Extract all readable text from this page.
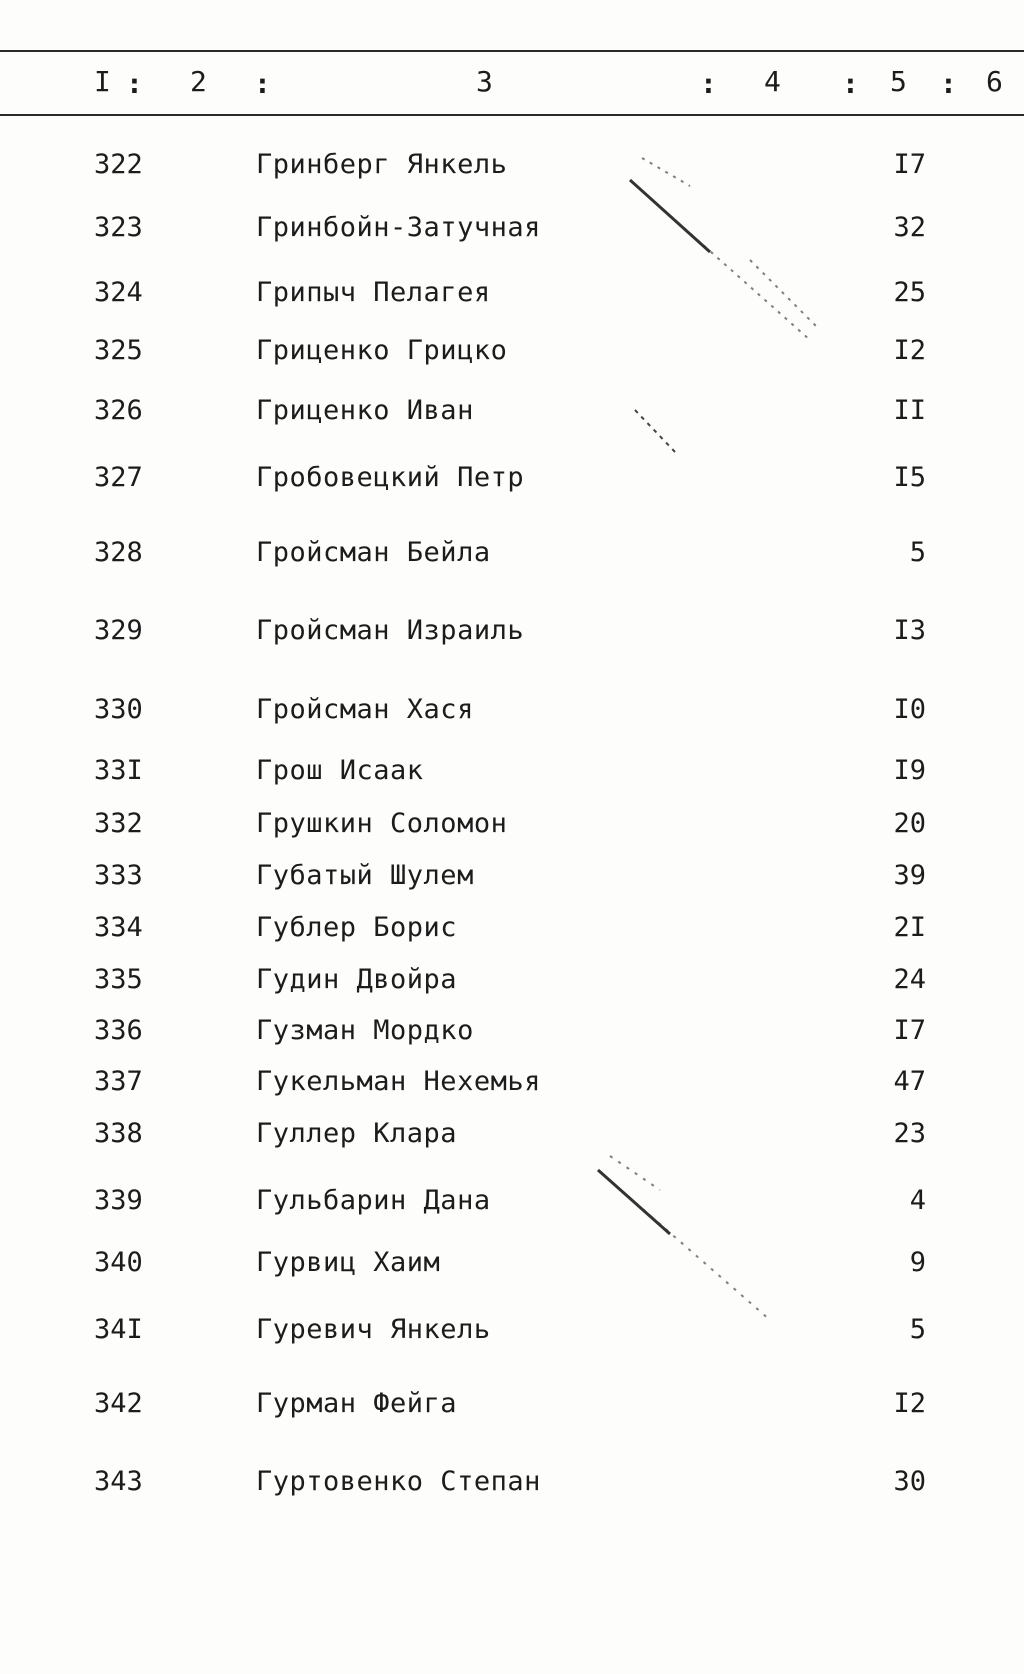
I : 2 :	3	: 4 : 5 : 6
322	Гринберг Янкель	I7
323	Гринбойн-Затучная	32
324	Грипыч Пелагея	25
325	Гриценко Грицко	I2
326	Гриценко Иван	II
327	Гробовецкий Петр	I5
328	Гройсман Бейла	5
329	Гройсман Израиль	I3
330	Гройсман Хася	I0
33I	Грош Исаак	I9
332	Грушкин Соломон	20
333	Губатый Шулем	39
334	Гублер Борис	2I
335	Гудин Двойра	24
336	Гузман Мордко	I7
337	Гукельман Нехемья	47
338	Гуллер Клара	23
339	Гульбарин Дана	4
340	Гурвиц Хаим	9
34I	Гуревич Янкель	5
342	Гурман Фейга	I2
343	Гуртовенко Степан	30
